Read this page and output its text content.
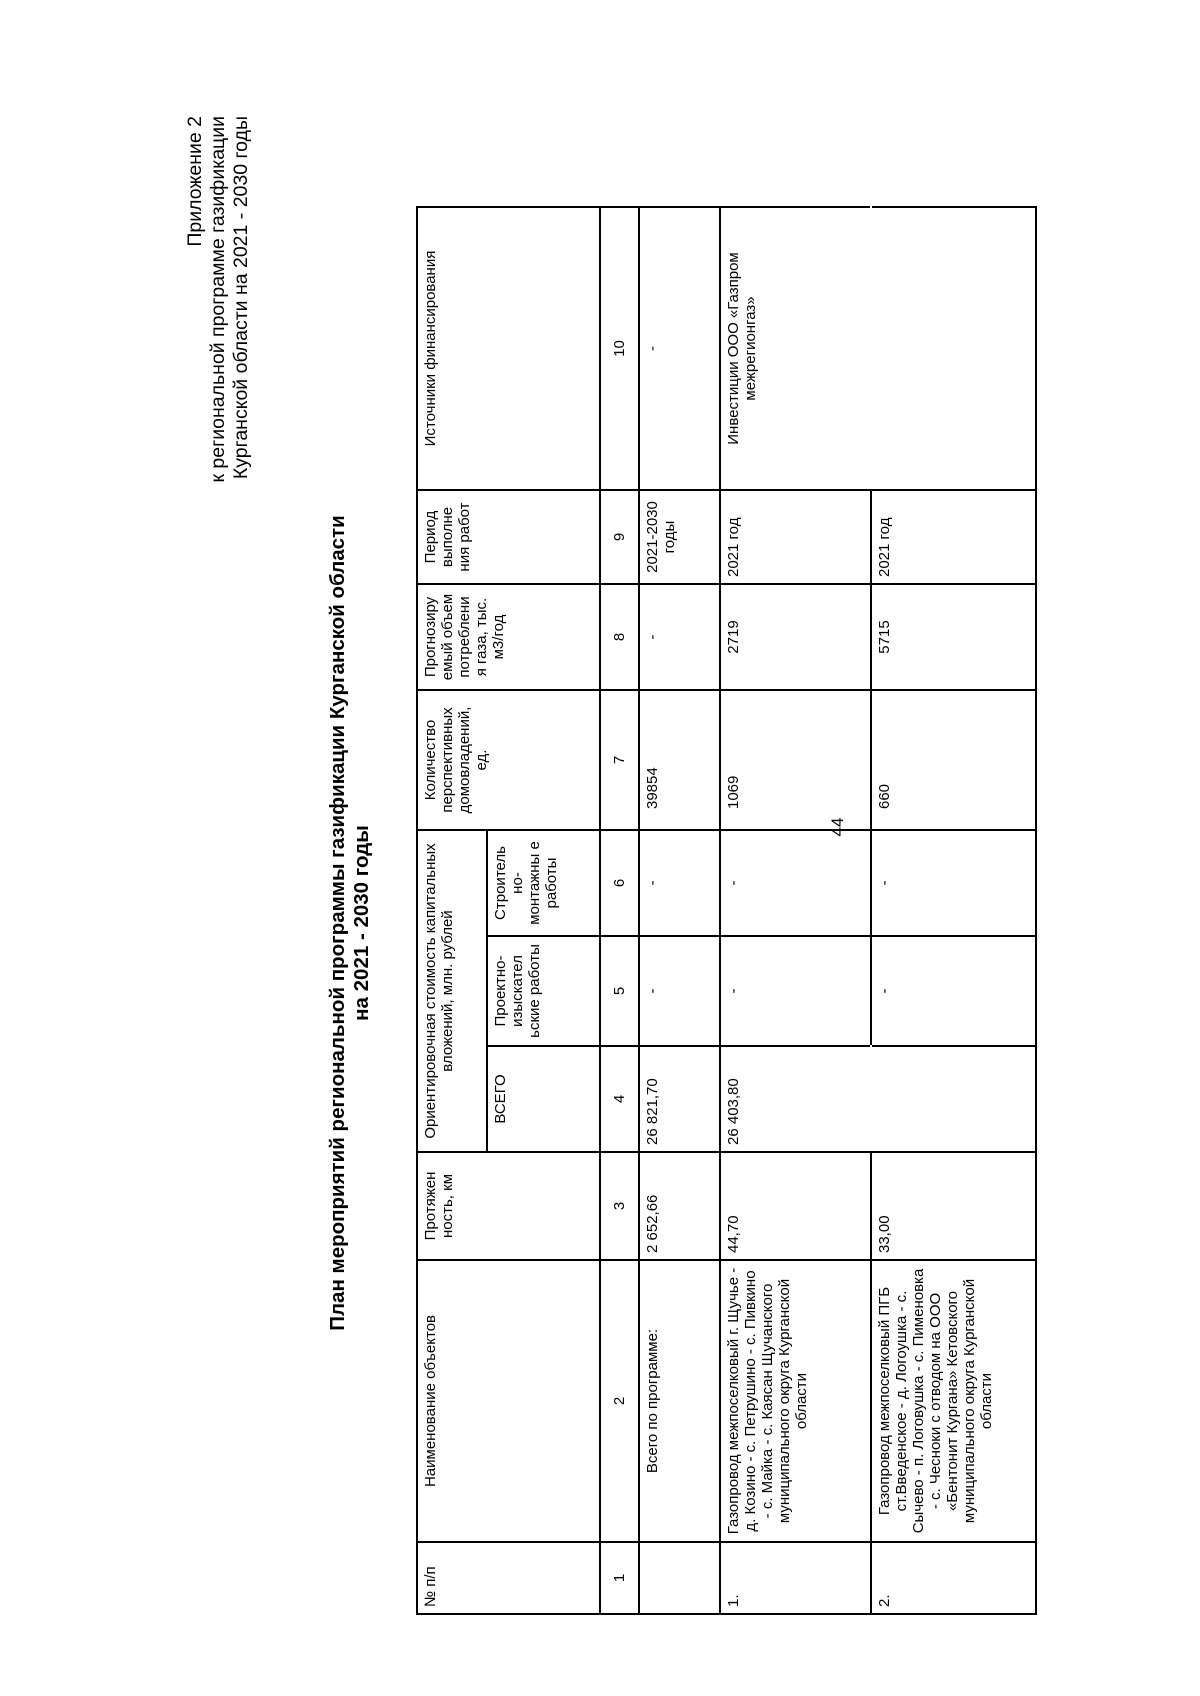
44
Приложение 2 к региональной программе газификации Курганской области на 2021 - 2030 годы
План мероприятий региональной программы газификации Курганской области на 2021 - 2030 годы
№ п/п	Наименование объектов	Протяжен ность, км	Ориентировочная стоимость капитальных вложений, млн. рублей			Количество перспективных домовладений, ед.	Прогнозиру емый объем потреблени я газа, тыс. м3/год	Период выполне ния работ	Источники финансирования
			ВСЕГО	Проектно-изыскател ьские работы	Строитель но-монтажны е работы				
1	2	3	4	5	6	7	8	9	10
	Всего по программе:	2 652,66	26 821,70	-	-	39854	-	2021-2030 годы	-
1.	Газопровод межпоселковый г. Щучье - д. Козино - с. Петрушино - с. Пивкино - с. Майка - с. Каясан Щучанского муниципального округа Курганской области	44,70	26 403,80	-	-	1069	2719	2021 год	Инвестиции ООО «Газпром межрегионгаз»
2.	Газопровод межпоселковый ПГБ ст.Введенское - д. Логоушка - с. Сычево - п. Логовушка - с. Пименовка - с. Чесноки с отводом на ООО «Бентонит Кургана» Кетовского муниципального округа Курганской области	33,00		-	-	660	5715	2021 год	
